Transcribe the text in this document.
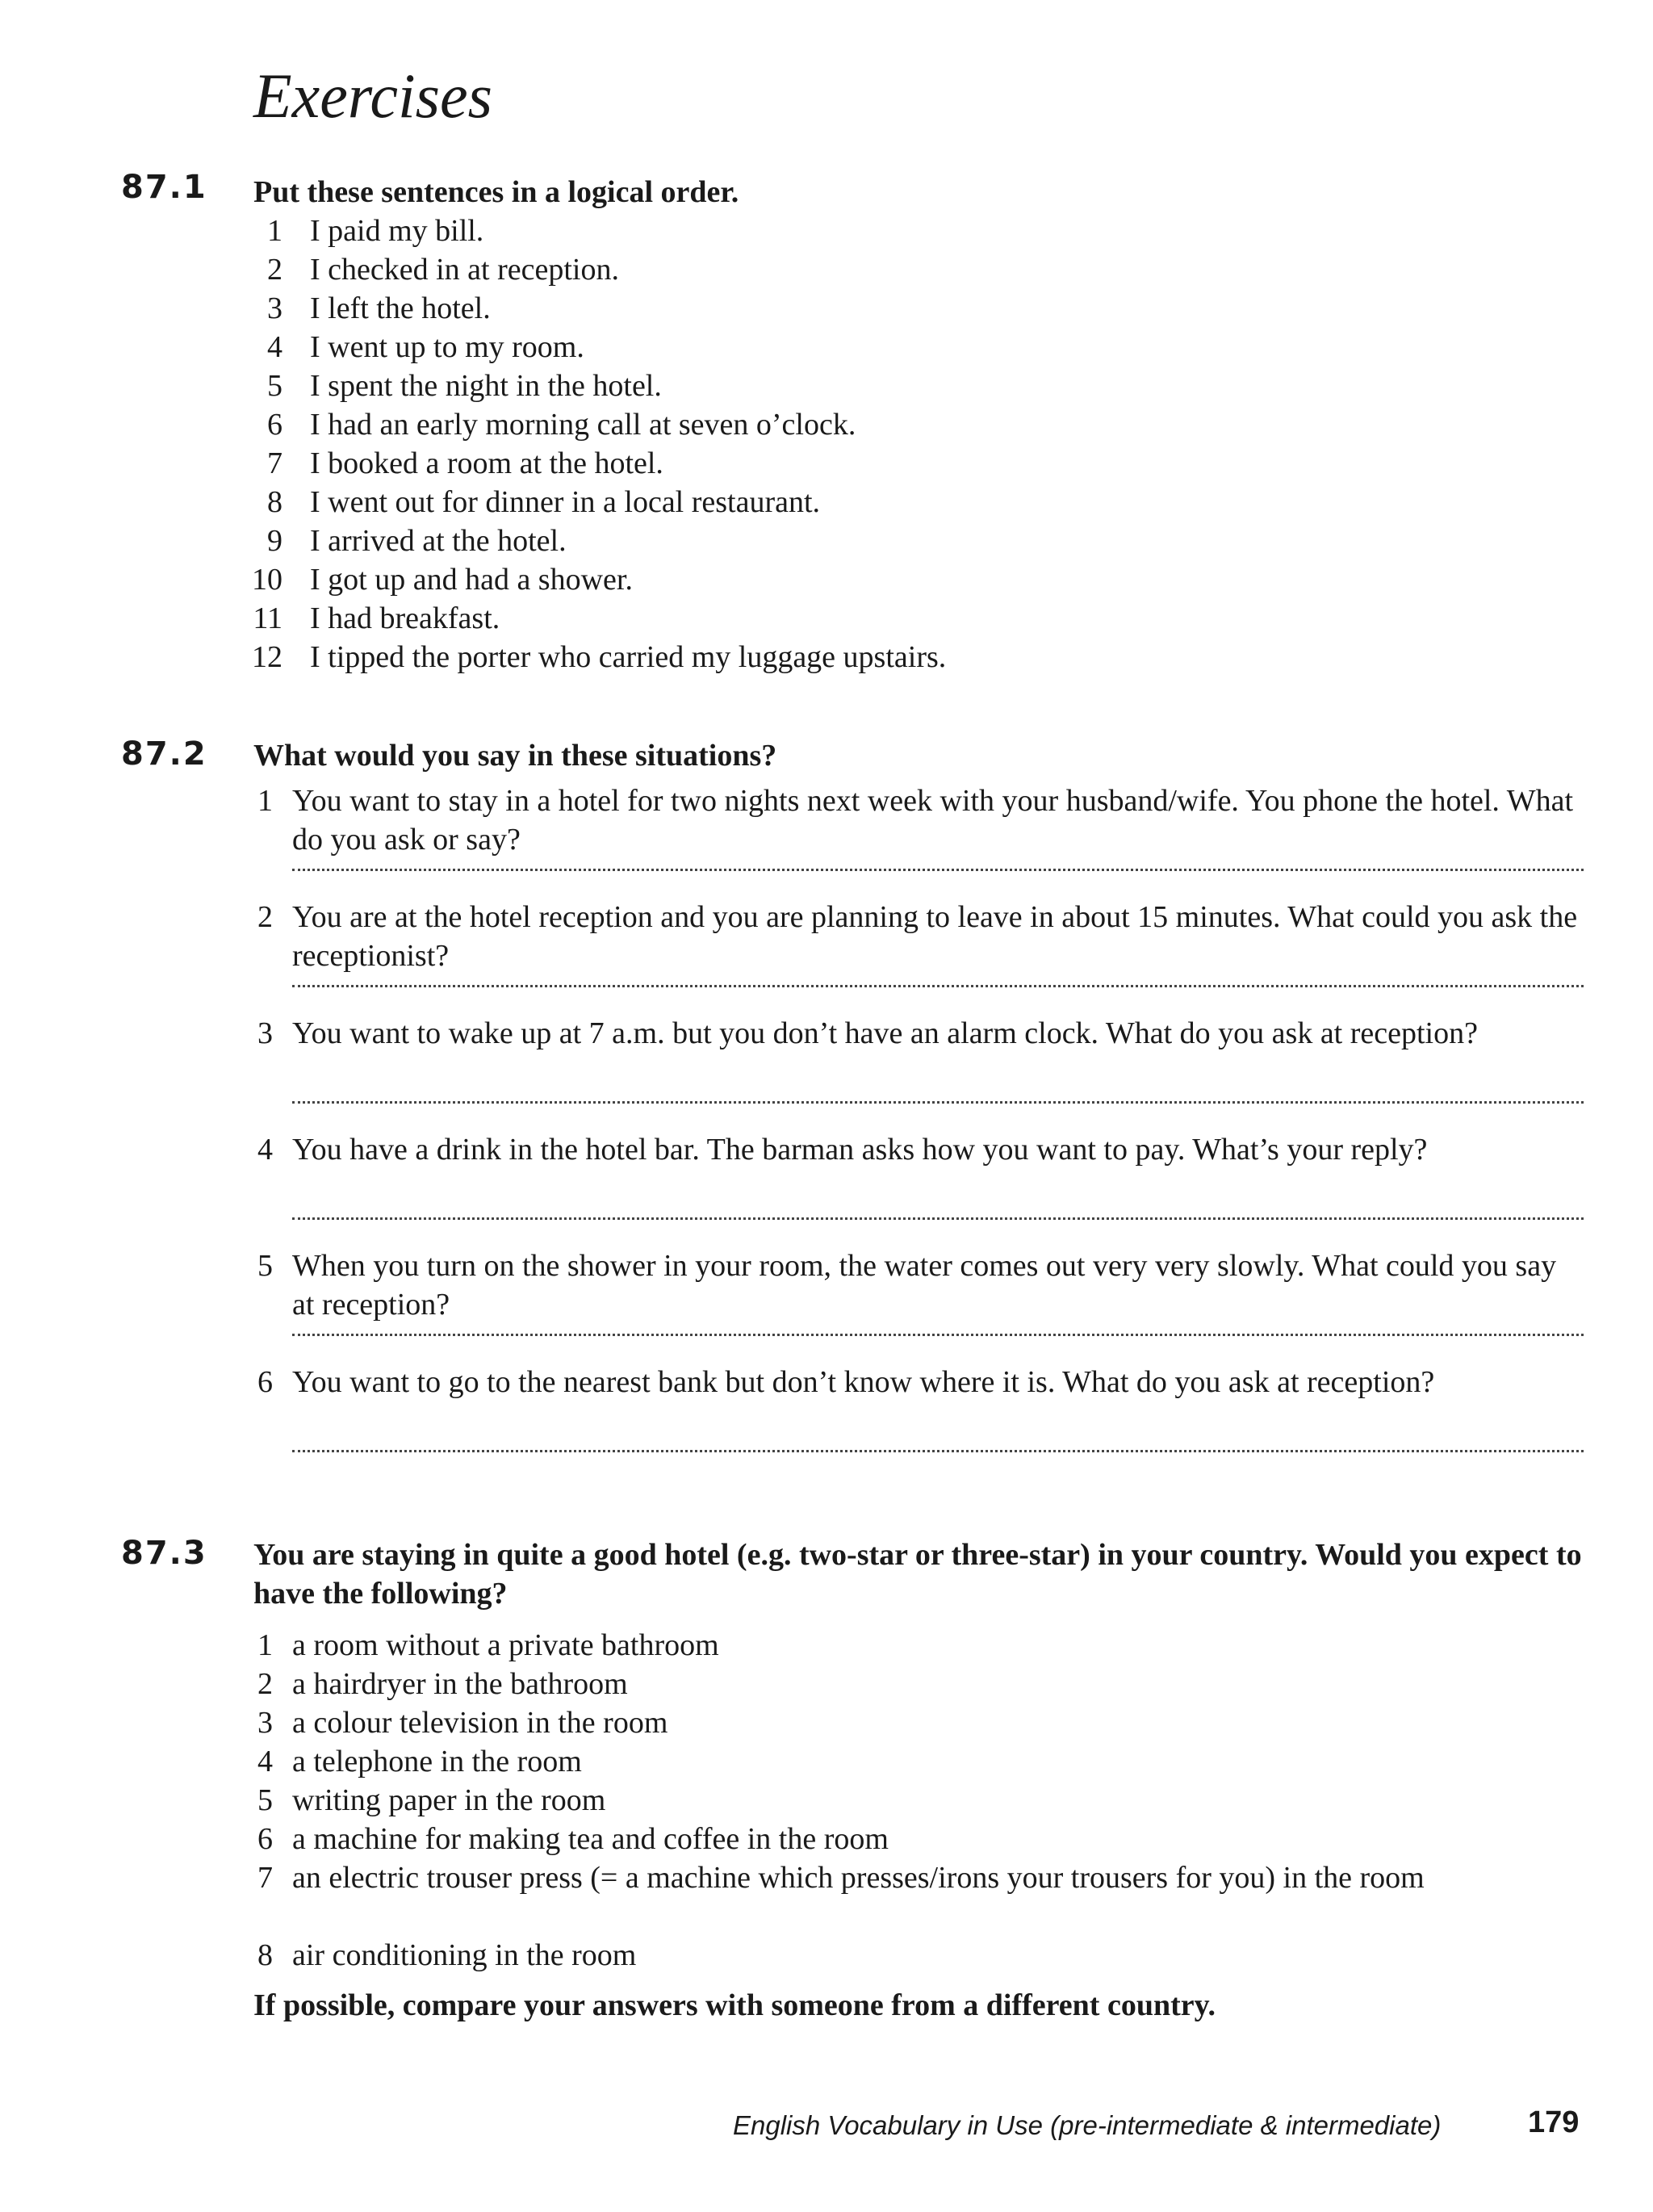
Exercises
87.1 Put these sentences in a logical order.

1 I paid my bill.
2 I checked in at reception.
3 I left the hotel.
4 I went up to my room.
5 I spent the night in the hotel.
6 I had an early morning call at seven o’clock.
7 I booked a room at the hotel.
8 I went out for dinner in a local restaurant.
9 I arrived at the hotel.
10 I got up and had a shower.
11 I had breakfast.
12 I tipped the porter who carried my luggage upstairs.
87.2 What would you say in these situations?

1 You want to stay in a hotel for two nights next week with your husband/wife. You phone the hotel. What do you ask or say?
2 You are at the hotel reception and you are planning to leave in about 15 minutes. What could you ask the receptionist?
3 You want to wake up at 7 a.m. but you don’t have an alarm clock. What do you ask at reception?
4 You have a drink in the hotel bar. The barman asks how you want to pay. What’s your reply?
5 When you turn on the shower in your room, the water comes out very very slowly. What could you say at reception?
6 You want to go to the nearest bank but don’t know where it is. What do you ask at reception?
87.3 You are staying in quite a good hotel (e.g. two-star or three-star) in your country. Would you expect to have the following?

1 a room without a private bathroom
2 a hairdryer in the bathroom
3 a colour television in the room
4 a telephone in the room
5 writing paper in the room
6 a machine for making tea and coffee in the room
7 an electric trouser press (= a machine which presses/irons your trousers for you) in the room
8 air conditioning in the room

If possible, compare your answers with someone from a different country.

English Vocabulary in Use (pre-intermediate & intermediate)	179
